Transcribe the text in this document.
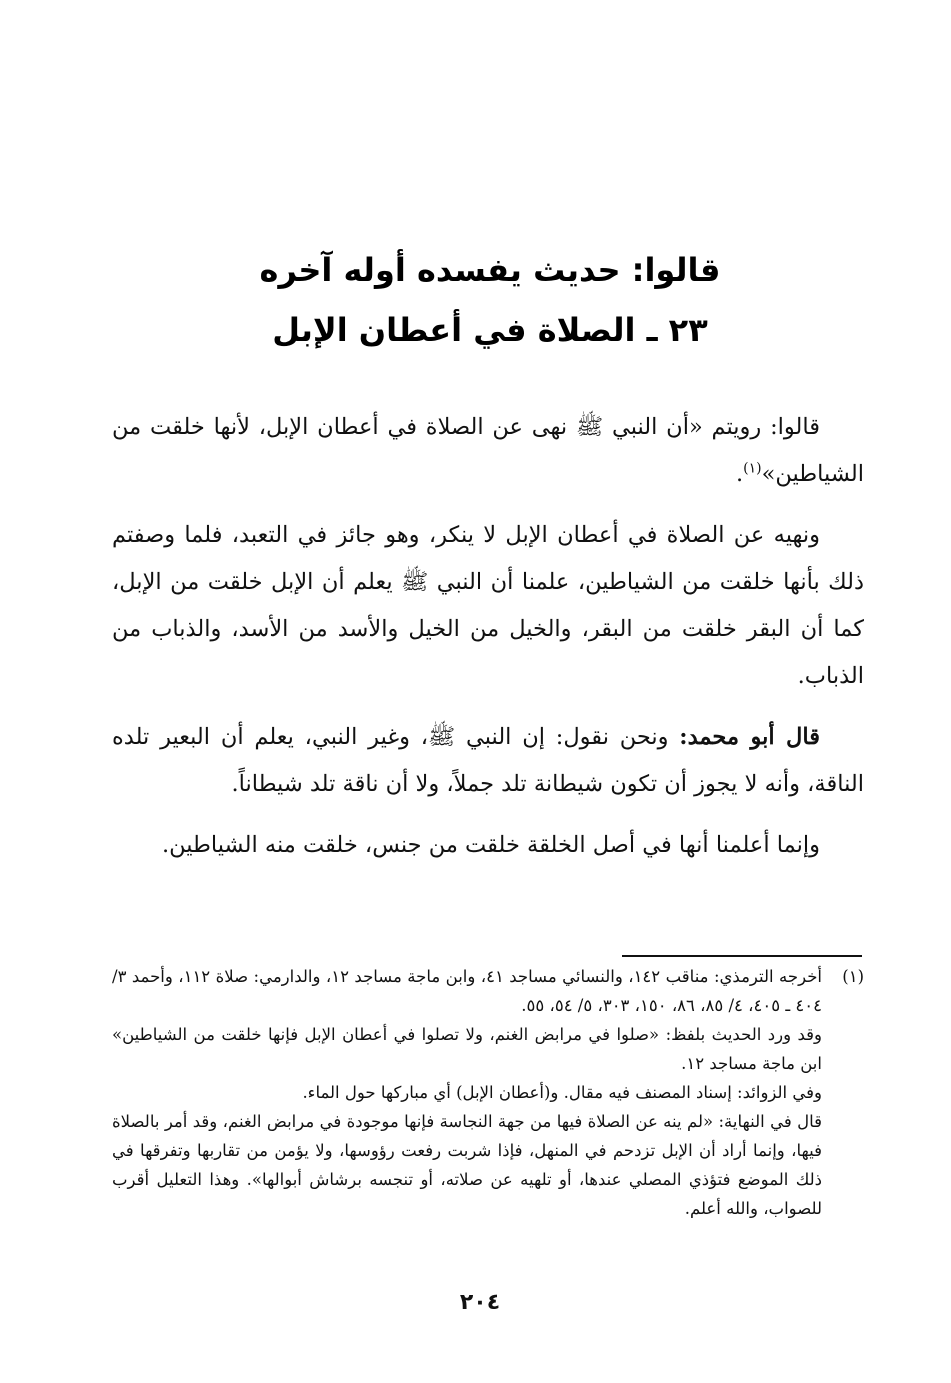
قالوا: حديث يفسده أوله آخره
٢٣ ـ الصلاة في أعطان الإبل

قالوا: رويتم «أن النبي ﷺ نهى عن الصلاة في أعطان الإبل، لأنها خلقت من الشياطين»$^{(١)}$.

ونهيه عن الصلاة في أعطان الإبل لا ينكر، وهو جائز في التعبد، فلما وصفتم ذلك بأنها خلقت من الشياطين، علمنا أن النبي ﷺ يعلم أن الإبل خلقت من الإبل، كما أن البقر خلقت من البقر، والخيل من الخيل والأسد من الأسد، والذباب من الذباب.

قال أبو محمد: ونحن نقول: إن النبي ﷺ، وغير النبي، يعلم أن البعير تلده الناقة، وأنه لا يجوز أن تكون شيطانة تلد جملاً، ولا أن ناقة تلد شيطاناً.

وإنما أعلمنا أنها في أصل الخلقة خلقت من جنس، خلقت منه الشياطين.

(١)
أخرجه الترمذي: مناقب ١٤٢، والنسائي مساجد ٤١، وابن ماجة مساجد ١٢، والدارمي: صلاة ١١٢، وأحمد ٣/ ٤٠٤ ـ ٤٠٥، ٤/ ٨٥، ٨٦، ١٥٠، ٣٠٣، ٥/ ٥٤، ٥٥.
وقد ورد الحديث بلفظ: «صلوا في مرابض الغنم، ولا تصلوا في أعطان الإبل فإنها خلقت من الشياطين» ابن ماجة مساجد ١٢.
وفي الزوائد: إسناد المصنف فيه مقال. و(أعطان الإبل) أي مباركها حول الماء.
قال في النهاية: «لم ينه عن الصلاة فيها من جهة النجاسة فإنها موجودة في مرابض الغنم، وقد أمر بالصلاة فيها، وإنما أراد أن الإبل تزدحم في المنهل، فإذا شربت رفعت رؤوسها، ولا يؤمن من تقاربها وتفرقها في ذلك الموضع فتؤذي المصلي عندها، أو تلهيه عن صلاته، أو تنجسه برشاش أبوالها». وهذا التعليل أقرب للصواب، والله أعلم.
٢٠٤
